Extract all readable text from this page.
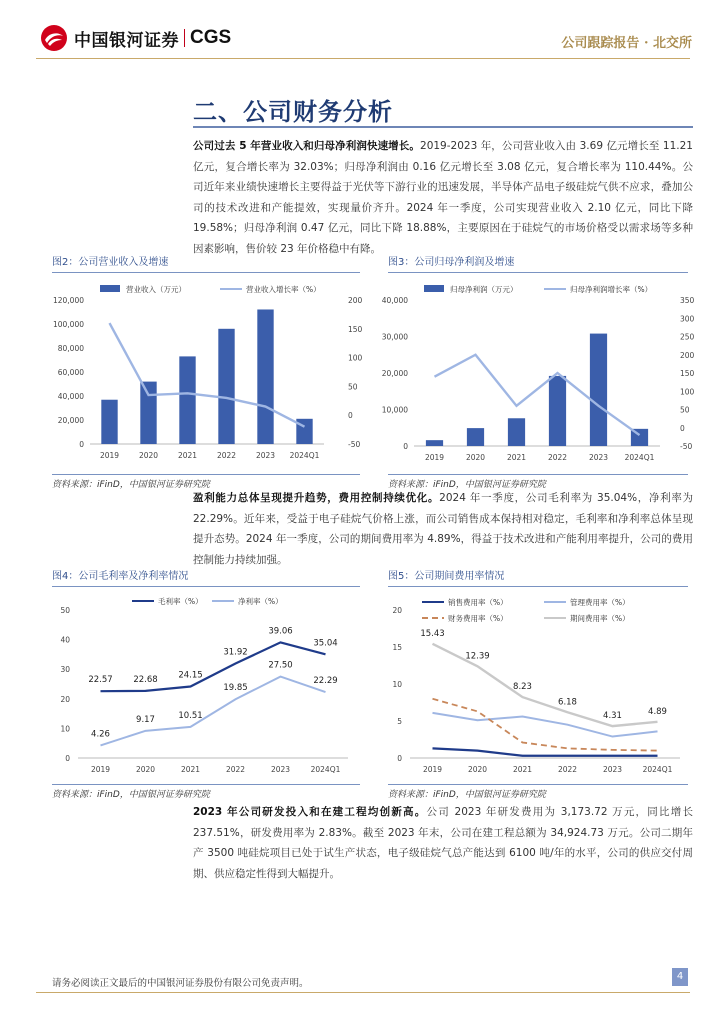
中国银河证券 CGS	公司跟踪报告 · 北交所
二、公司财务分析
公司过去 5 年营业收入和归母净利润快速增长。2019-2023 年，公司营业收入由 3.69 亿元增长至 11.21 亿元，复合增长率为 32.03%；归母净利润由 0.16 亿元增长至 3.08 亿元，复合增长率为 110.44%。公司近年来业绩快速增长主要得益于光伏等下游行业的迅速发展，半导体产品电子级硅烷气供不应求，叠加公司的技术改进和产能提效，实现量价齐升。2024 年一季度，公司实现营业收入 2.10 亿元，同比下降 19.58%；归母净利润 0.47 亿元，同比下降 18.88%，主要原因在于硅烷气的市场价格受以需求场等多种因素影响，售价较 23 年价格稳中有降。
图2：公司营业收入及增速
0
20,000
40,000
60,000
80,000
100,000
120,000
-50
0
50
100
150
200
2019	2020	2021	2022	2023 2024Q1
营业收入（万元）	营业收入增长率（%）
资料来源：iFinD，中国银河证券研究院
图3：公司归母净利润及增速
0
10,000
20,000
30,000
40,000
-50
0
50
100
150
200
250
300
350
2019	2020	2021	2022	2023 2024Q1
归母净利润（万元）	归母净利润增长率（%）
资料来源：iFinD，中国银河证券研究院
盈利能力总体呈现提升趋势，费用控制持续优化。2024 年一季度，公司毛利率为 35.04%，净利率为 22.29%。近年来，受益于电子硅烷气价格上涨，而公司销售成本保持相对稳定，毛利率和净利率总体呈现提升态势。2024 年一季度，公司的期间费用率为 4.89%，得益于技术改进和产能利用率提升，公司的费用控制能力持续加强。
图4：公司毛利率及净利率情况
0
10
20
30
40
50
2019	2020	2021	2022	2023	2024Q1
22.57 22.68 24.15
31.92
39.06
35.04
毛利率（%）
4.26
9.17	10.51
19.85
27.50
22.29
净利率（%）
资料来源：iFinD，中国银河证券研究院
图5：公司期间费用率情况
0
5
10
15
20
2019	2020	2021	2022	2023	2024Q1
销售费用率（%）	管理费用率（%）
财务费用率（%）
15.43
12.39
8.23
6.18
4.31	4.89
期间费用率（%）
资料来源：iFinD，中国银河证券研究院
2023 年公司研发投入和在建工程均创新高。公司 2023 年研发费用为 3,173.72 万元，同比增长 237.51%，研发费用率为 2.83%。截至 2023 年末，公司在建工程总额为 34,924.73 万元。公司二期年产 3500 吨硅烷项目已处于试生产状态，电子级硅烷气总产能达到 6100 吨/年的水平，公司的供应交付周期、供应稳定性得到大幅提升。
请务必阅读正文最后的中国银河证券股份有限公司免责声明。
4
